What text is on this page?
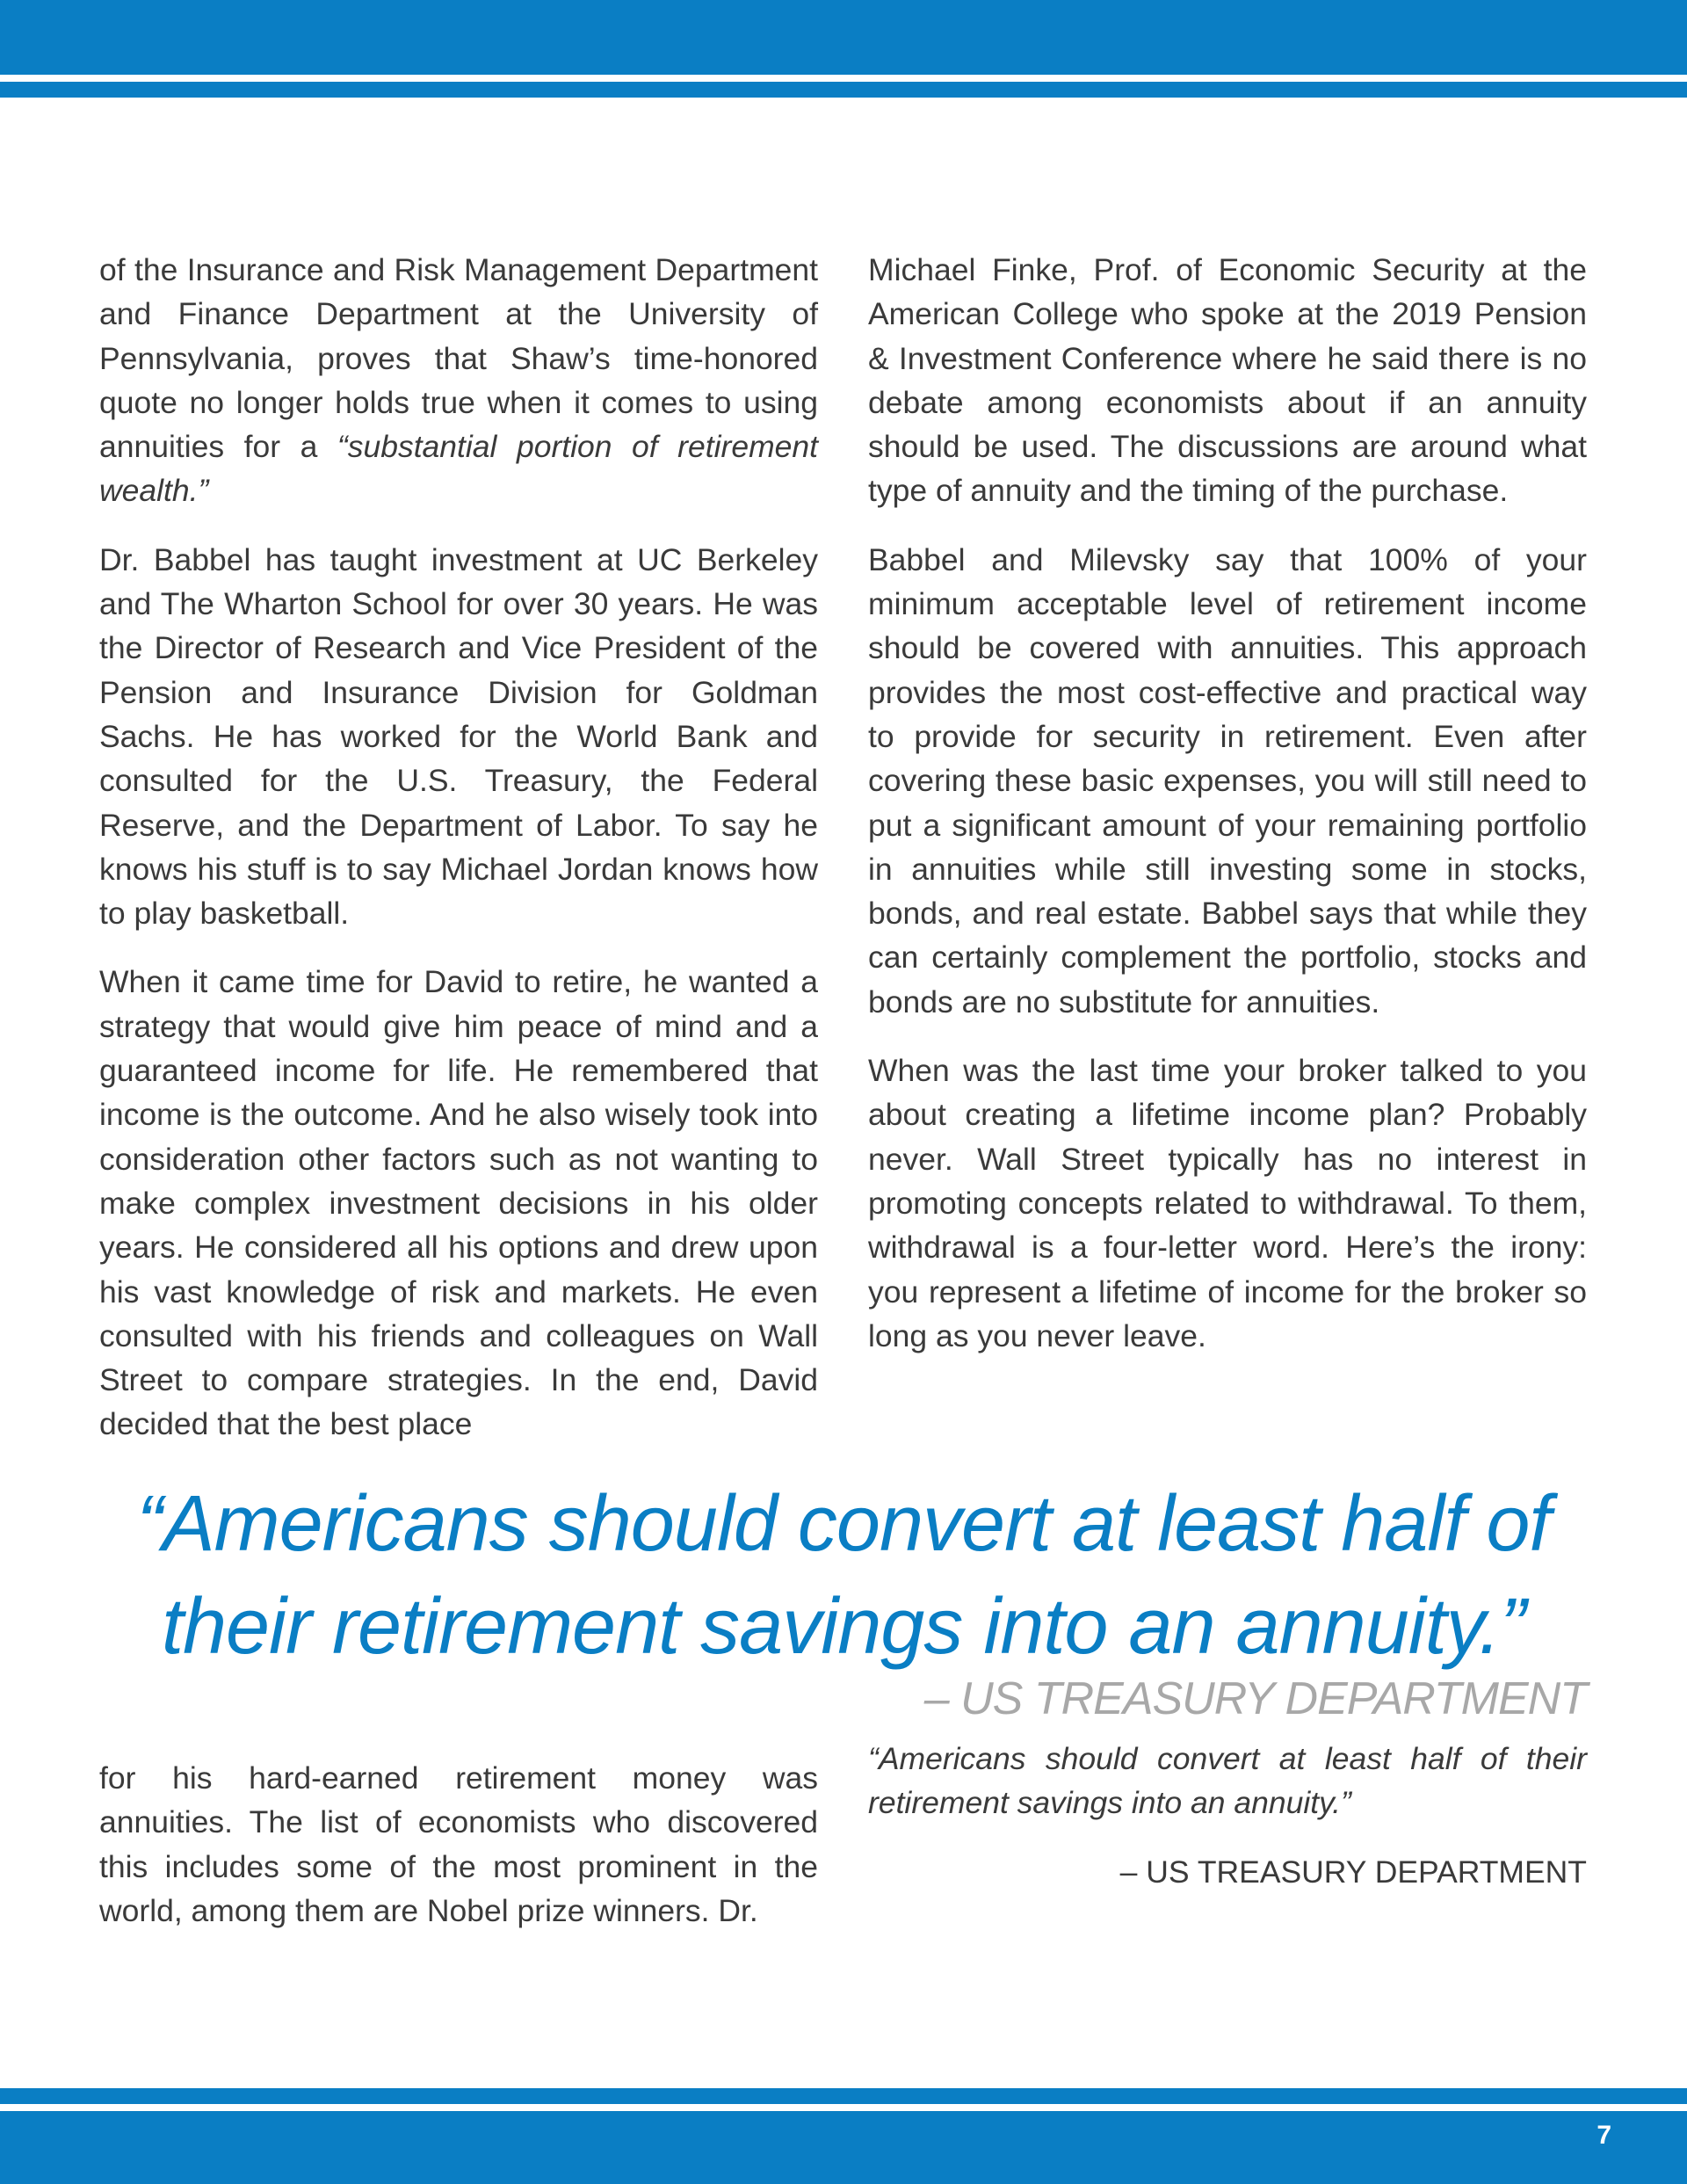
of the Insurance and Risk Management Department and Finance Department at the University of Pennsylvania, proves that Shaw’s time-honored quote no longer holds true when it comes to using annuities for a “substantial portion of retirement wealth.”

Dr. Babbel has taught investment at UC Berkeley and The Wharton School for over 30 years. He was the Director of Research and Vice President of the Pension and Insurance Division for Goldman Sachs. He has worked for the World Bank and consulted for the U.S. Treasury, the Federal Reserve, and the Department of Labor. To say he knows his stuff is to say Michael Jordan knows how to play basketball.

When it came time for David to retire, he wanted a strategy that would give him peace of mind and a guaranteed income for life. He remembered that income is the outcome. And he also wisely took into consideration other factors such as not wanting to make complex investment decisions in his older years. He considered all his options and drew upon his vast knowledge of risk and markets. He even consulted with his friends and colleagues on Wall Street to compare strategies. In the end, David decided that the best place

Michael Finke, Prof. of Economic Security at the American College who spoke at the 2019 Pension & Investment Conference where he said there is no debate among economists about if an annuity should be used. The discussions are around what type of annuity and the timing of the purchase.

Babbel and Milevsky say that 100% of your minimum acceptable level of retirement income should be covered with annuities. This approach provides the most cost-effective and practical way to provide for security in retirement. Even after covering these basic expenses, you will still need to put a significant amount of your remaining portfolio in annuities while still investing some in stocks, bonds, and real estate. Babbel says that while they can certainly complement the portfolio, stocks and bonds are no substitute for annuities.

When was the last time your broker talked to you about creating a lifetime income plan? Probably never. Wall Street typically has no interest in promoting concepts related to withdrawal. To them, withdrawal is a four-letter word. Here’s the irony: you represent a lifetime of income for the broker so long as you never leave.

“Americans should convert at least half of
their retirement savings into an annuity.”
– US TREASURY DEPARTMENT

for his hard-earned retirement money was annuities. The list of economists who discovered this includes some of the most prominent in the world, among them are Nobel prize winners. Dr.

“Americans should convert at least half of their retirement savings into an annuity.”

– US TREASURY DEPARTMENT
7
